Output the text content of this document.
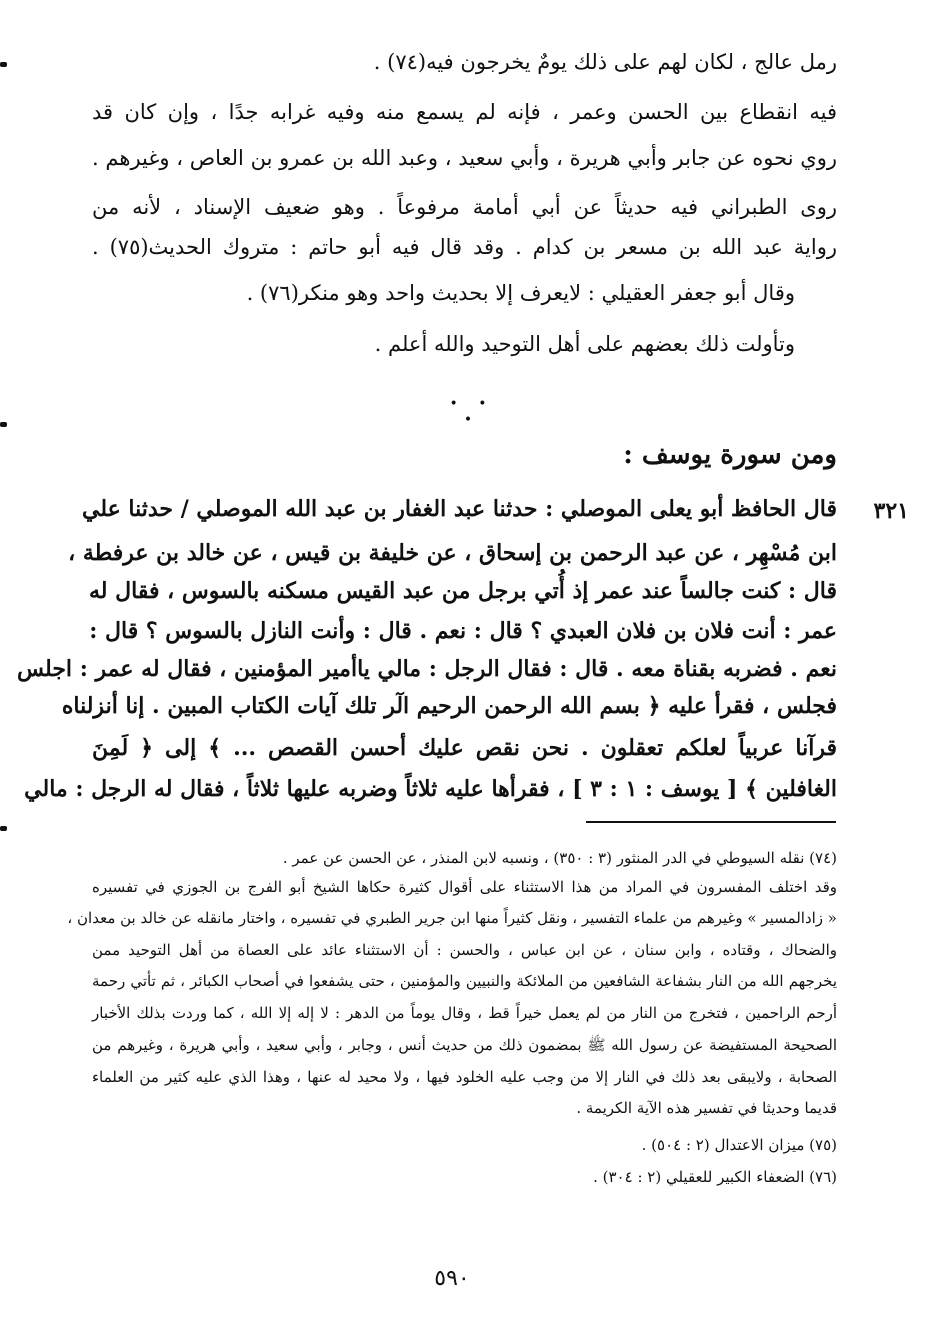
رمل عالج ، لكان لهم على ذلك يومٌ يخرجون فيه(٧٤) .
فيه انقطاع بين الحسن وعمر ، فإنه لم يسمع منه وفيه غرابه جدًا ، وإن كان قد
روي نحوه عن جابر وأبي هريرة ، وأبي سعيد ، وعبد الله بن عمرو بن العاص ، وغيرهم .
روى الطبراني فيه حديثاً عن أبي أمامة مرفوعاً . وهو ضعيف الإسناد ، لأنه من
رواية عبد الله بن مسعر بن كدام . وقد قال فيه أبو حاتم : متروك الحديث(٧٥) .
وقال أبو جعفر العقيلي : لايعرف إلا بحديث واحد وهو منكر(٧٦) .
وتأولت ذلك بعضهم على أهل التوحيد والله أعلم .
• • •
ومن سورة يوسف :
٣٢١
قال الحافظ أبو يعلى الموصلي : حدثنا عبد الغفار بن عبد الله الموصلي / حدثنا علي
ابن مُسْهِر ، عن عبد الرحمن بن إسحاق ، عن خليفة بن قيس ، عن خالد بن عرفطة ،
قال : كنت جالساً عند عمر إذ أُتي برجل من عبد القيس مسكنه بالسوس ، فقال له
عمر : أنت فلان بن فلان العبدي ؟ قال : نعم . قال : وأنت النازل بالسوس ؟ قال :
نعم . فضربه بقناة معه . قال : فقال الرجل : مالي ياأمير المؤمنين ، فقال له عمر : اجلس
فجلس ، فقرأ عليه ﴿ بسم الله الرحمن الرحيم الٓر تلك آيات الكتاب المبين . إنا أنزلناه
قرآنا عربياً لعلكم تعقلون . نحن نقص عليك أحسن القصص ... ﴾ إلى ﴿ لَمِنَ
الغافلين ﴾ [ يوسف : ١ : ٣ ] ، فقرأها عليه ثلاثاً وضربه عليها ثلاثاً ، فقال له الرجل : مالي
(٧٤) نقله السيوطي في الدر المنثور (٣ : ٣٥٠) ، ونسبه لابن المنذر ، عن الحسن عن عمر .
وقد اختلف المفسرون في المراد من هذا الاستثناء على أقوال كثيرة حكاها الشيخ أبو الفرج بن الجوزي في تفسيره
« زادالمسير » وغيرهم من علماء التفسير ، ونقل كثيراً منها ابن جرير الطبري في تفسيره ، واختار مانقله عن خالد بن معدان ،
والضحاك ، وقتاده ، وابن سنان ، عن ابن عباس ، والحسن : أن الاستثناء عائد على العصاة من أهل التوحيد ممن
يخرجهم الله من النار بشفاعة الشافعين من الملائكة والنبيين والمؤمنين ، حتى يشفعوا في أصحاب الكبائر ، ثم تأتي رحمة
أرحم الراحمين ، فتخرج من النار من لم يعمل خيراً قط ، وقال يوماً من الدهر : لا إله إلا الله ، كما وردت بذلك الأخبار
الصحيحة المستفيضة عن رسول الله ﷺ بمضمون ذلك من حديث أنس ، وجابر ، وأبي سعيد ، وأبي هريرة ، وغيرهم من
الصحابة ، ولايبقى بعد ذلك في النار إلا من وجب عليه الخلود فيها ، ولا محيد له عنها ، وهذا الذي عليه كثير من العلماء
قديما وحديثا في تفسير هذه الآية الكريمة .
(٧٥) ميزان الاعتدال (٢ : ٥٠٤) .
(٧٦) الضعفاء الكبير للعقيلي (٢ : ٣٠٤) .
٥٩٠
